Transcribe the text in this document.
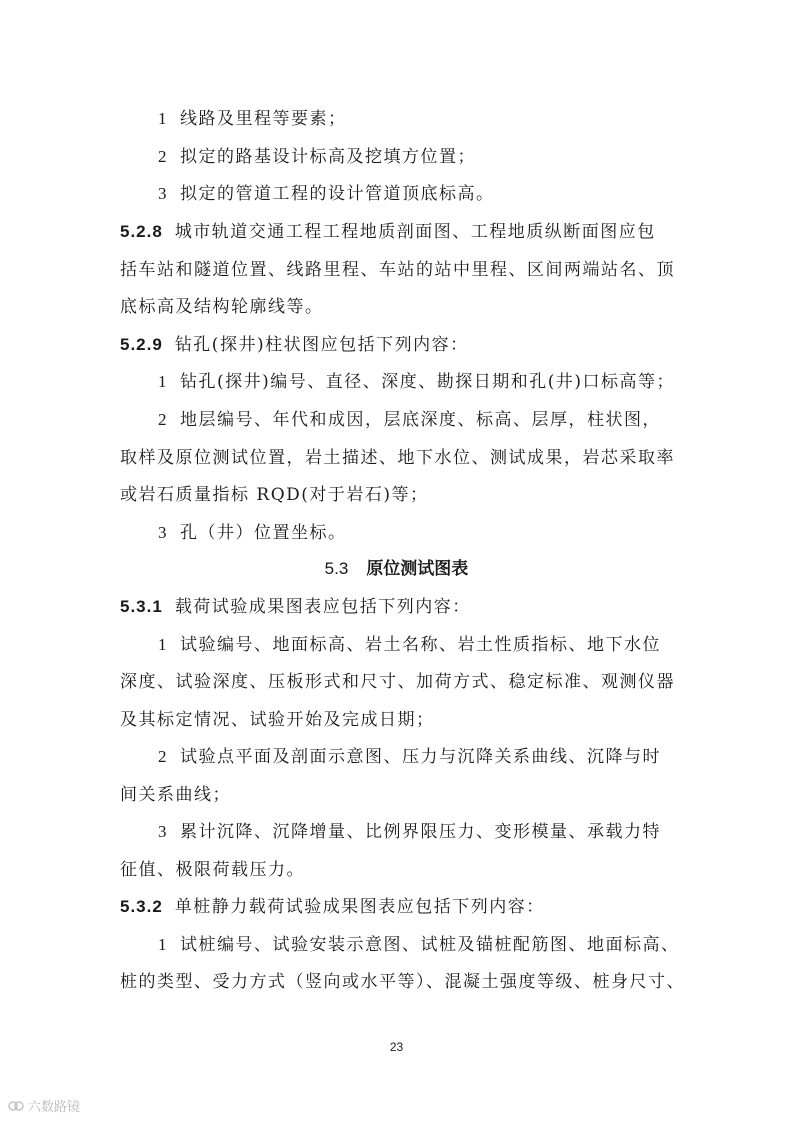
1 线路及里程等要素；
2 拟定的路基设计标高及挖填方位置；
3 拟定的管道工程的设计管道顶底标高。
5.2.8 城市轨道交通工程工程地质剖面图、工程地质纵断面图应包
括车站和隧道位置、线路里程、车站的站中里程、区间两端站名、顶
底标高及结构轮廓线等。
5.2.9 钻孔(探井)柱状图应包括下列内容：
1 钻孔(探井)编号、直径、深度、勘探日期和孔(井)口标高等；
2 地层编号、年代和成因，层底深度、标高、层厚，柱状图，
取样及原位测试位置，岩土描述、地下水位、测试成果，岩芯采取率
或岩石质量指标 RQD(对于岩石)等；
3 孔（井）位置坐标。
5.3 原位测试图表
5.3.1 载荷试验成果图表应包括下列内容：
1 试验编号、地面标高、岩土名称、岩土性质指标、地下水位
深度、试验深度、压板形式和尺寸、加荷方式、稳定标准、观测仪器
及其标定情况、试验开始及完成日期；
2 试验点平面及剖面示意图、压力与沉降关系曲线、沉降与时
间关系曲线；
3 累计沉降、沉降增量、比例界限压力、变形模量、承载力特
征值、极限荷载压力。
5.3.2 单桩静力载荷试验成果图表应包括下列内容：
1 试桩编号、试验安装示意图、试桩及锚桩配筋图、地面标高、
桩的类型、受力方式（竖向或水平等）、混凝土强度等级、桩身尺寸、
23
六数路镜
